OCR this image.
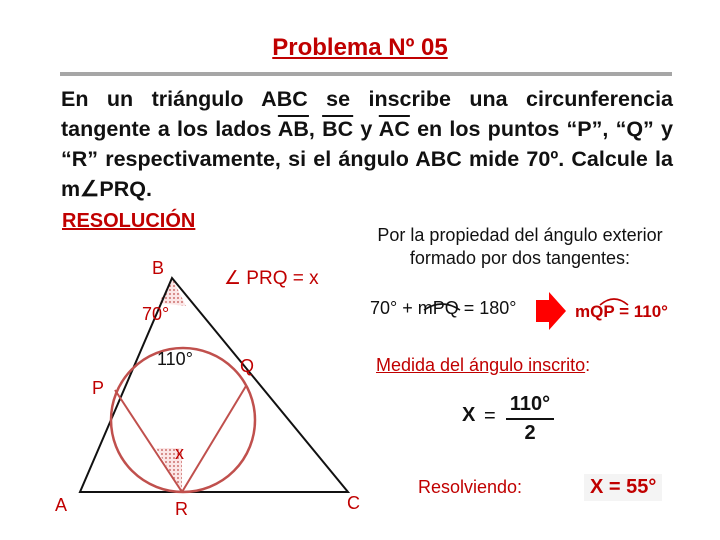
Problema Nº 05
En un triángulo ABC se inscribe una circunferencia tangente a los lados $\overline{AB}$, $\overline{BC}$ y $\overline{AC}$ en los puntos “P”, “Q” y “R” respectivamente, si el ángulo ABC mide 70º. Calcule la m∠PRQ.
RESOLUCIÓN
B
70°
110°
P
Q
x
A	R	C
∠ PRQ = x
Por la propiedad del ángulo exterior formado por dos tangentes:
70° + mPQ = 180°	mQP = 110°
Medida del ángulo inscrito:
X =
110°
2
Resolviendo:	X = 55°
